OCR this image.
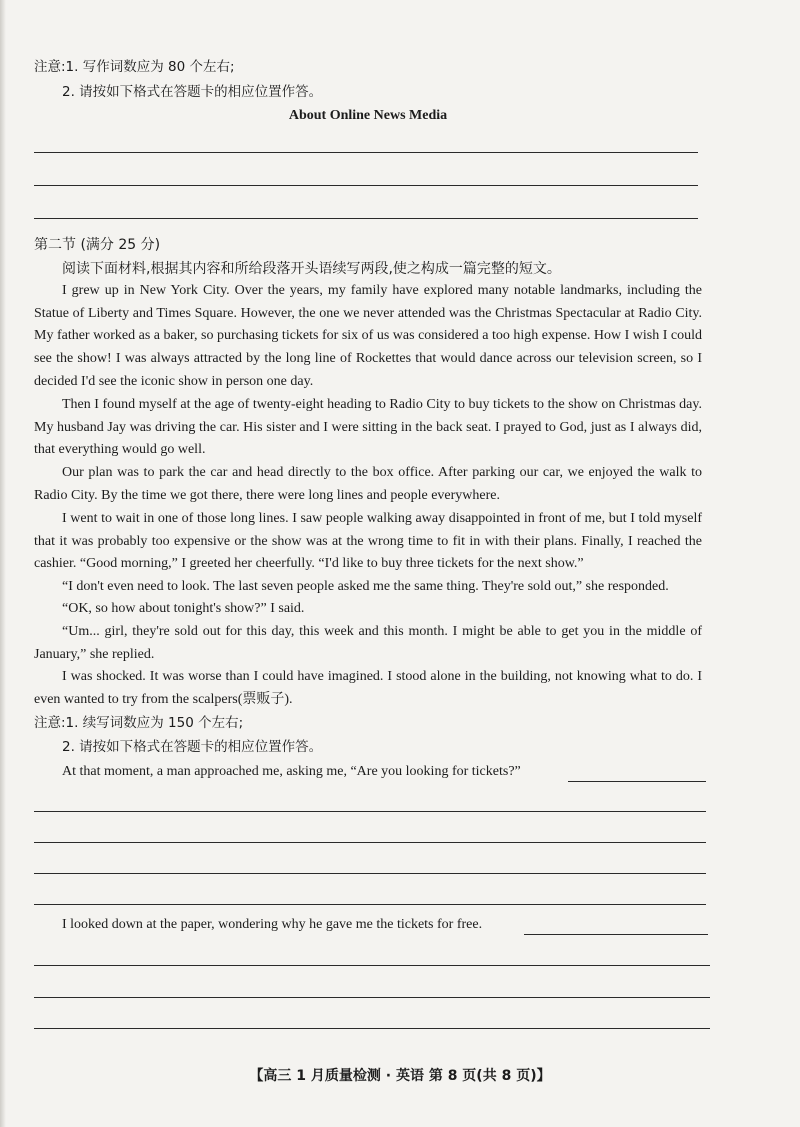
注意:1. 写作词数应为 80 个左右;
2. 请按如下格式在答题卡的相应位置作答。
About Online News Media
第二节 (满分 25 分)
阅读下面材料,根据其内容和所给段落开头语续写两段,使之构成一篇完整的短文。

I grew up in New York City. Over the years, my family have explored many notable landmarks, including the Statue of Liberty and Times Square. However, the one we never attended was the Christmas Spectacular at Radio City. My father worked as a baker, so purchasing tickets for six of us was considered a too high expense. How I wish I could see the show! I was always attracted by the long line of Rockettes that would dance across our television screen, so I decided I'd see the iconic show in person one day.

Then I found myself at the age of twenty-eight heading to Radio City to buy tickets to the show on Christmas day. My husband Jay was driving the car. His sister and I were sitting in the back seat. I prayed to God, just as I always did, that everything would go well.

Our plan was to park the car and head directly to the box office. After parking our car, we enjoyed the walk to Radio City. By the time we got there, there were long lines and people everywhere.

I went to wait in one of those long lines. I saw people walking away disappointed in front of me, but I told myself that it was probably too expensive or the show was at the wrong time to fit in with their plans. Finally, I reached the cashier. “Good morning,” I greeted her cheerfully. “I'd like to buy three tickets for the next show.”

“I don't even need to look. The last seven people asked me the same thing. They're sold out,” she responded.

“OK, so how about tonight's show?” I said.

“Um... girl, they're sold out for this day, this week and this month. I might be able to get you in the middle of January,” she replied.

I was shocked. It was worse than I could have imagined. I stood alone in the building, not knowing what to do. I even wanted to try from the scalpers(票贩子).

注意:1. 续写词数应为 150 个左右;
2. 请按如下格式在答题卡的相应位置作答。
At that moment, a man approached me, asking me, “Are you looking for tickets?”
I looked down at the paper, wondering why he gave me the tickets for free.
【高三 1 月质量检测 · 英语 第 8 页(共 8 页)】
